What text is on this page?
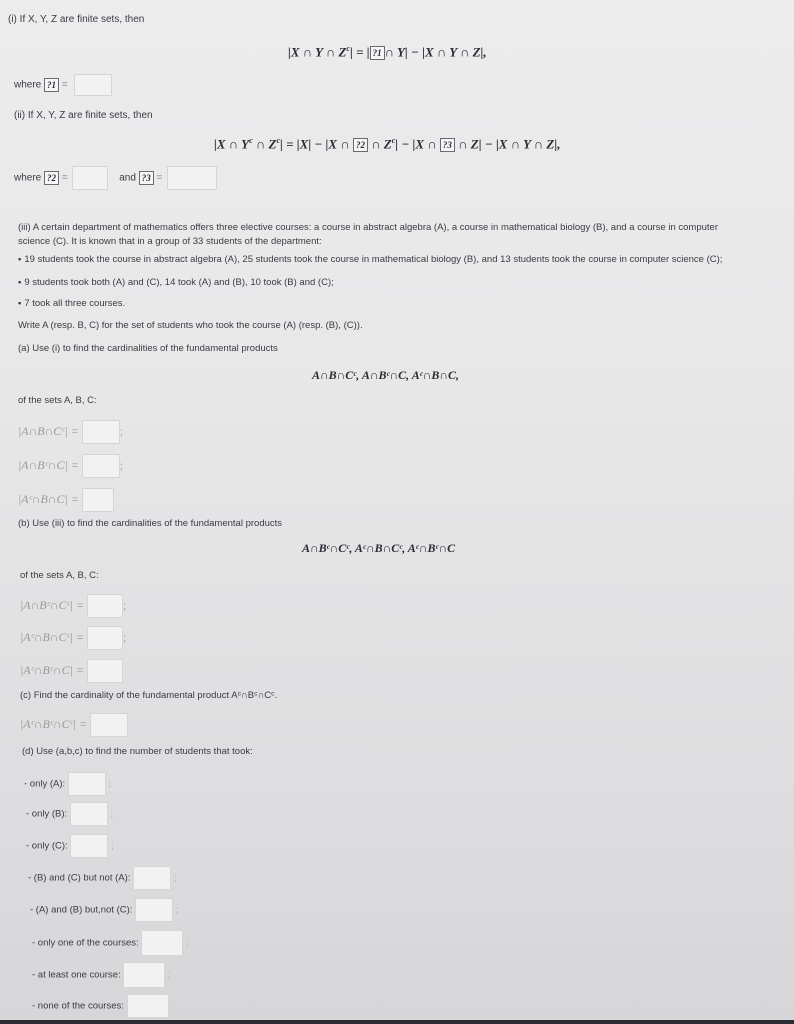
(i) If X, Y, Z are finite sets, then
|X ∩ Y ∩ $Z^c|$ = | ?1 ∩ Y| − |X ∩ Y ∩ Z|,
where ?1 =
(ii) If X, Y, Z are finite sets, then
|X ∩ $Y^c$ ∩ $Z^c| = |X| - |X$ ∩ ?2 ∩ $Z^c| - |X$ ∩ ?3 ∩ Z| − |X ∩ Y ∩ Z|,
where ?2 =	and ?3 =
(iii) A certain department of mathematics offers three elective courses: a course in abstract algebra (A), a course in mathematical biology (B), and a course in computer
science (C). It is known that in a group of 33 students of the department:
• 19 students took the course in abstract algebra (A), 25 students took the course in mathematical biology (B), and 13 students took the course in computer science (C);
• 9 students took both (A) and (C), 14 took (A) and (B), 10 took (B) and (C);
• 7 took all three courses.
Write A (resp. B, C) for the set of students who took the course (A) (resp. (B), (C)).
(a) Use (i) to find the cardinalities of the fundamental products
A∩B∩Cᶜ, A∩Bᶜ∩C, Aᶜ∩B∩C,
of the sets A, B, C:
|A∩B∩Cᶜ| =	;
|A∩Bᶜ∩C| =	;
|Aᶜ∩B∩C| =
(b) Use (iii) to find the cardinalities of the fundamental products
A∩Bᶜ∩Cᶜ, Aᶜ∩B∩Cᶜ, Aᶜ∩Bᶜ∩C
of the sets A, B, C:
|A∩Bᶜ∩Cᶜ| =	;
|Aᶜ∩B∩Cᶜ| =	;
|Aᶜ∩Bᶜ∩C| =
(c) Find the cardinality of the fundamental product Aᶜ∩Bᶜ∩Cᶜ.
|Aᶜ∩Bᶜ∩Cᶜ| =
(d) Use (a,b,c) to find the number of students that took:
- only (A):	;
- only (B):	;
- only (C):	;
- (B) and (C) but not (A):	;
- (A) and (B) but,not (C):	;
- only one of the courses:	;
- at least one course:	;
- none of the courses:
